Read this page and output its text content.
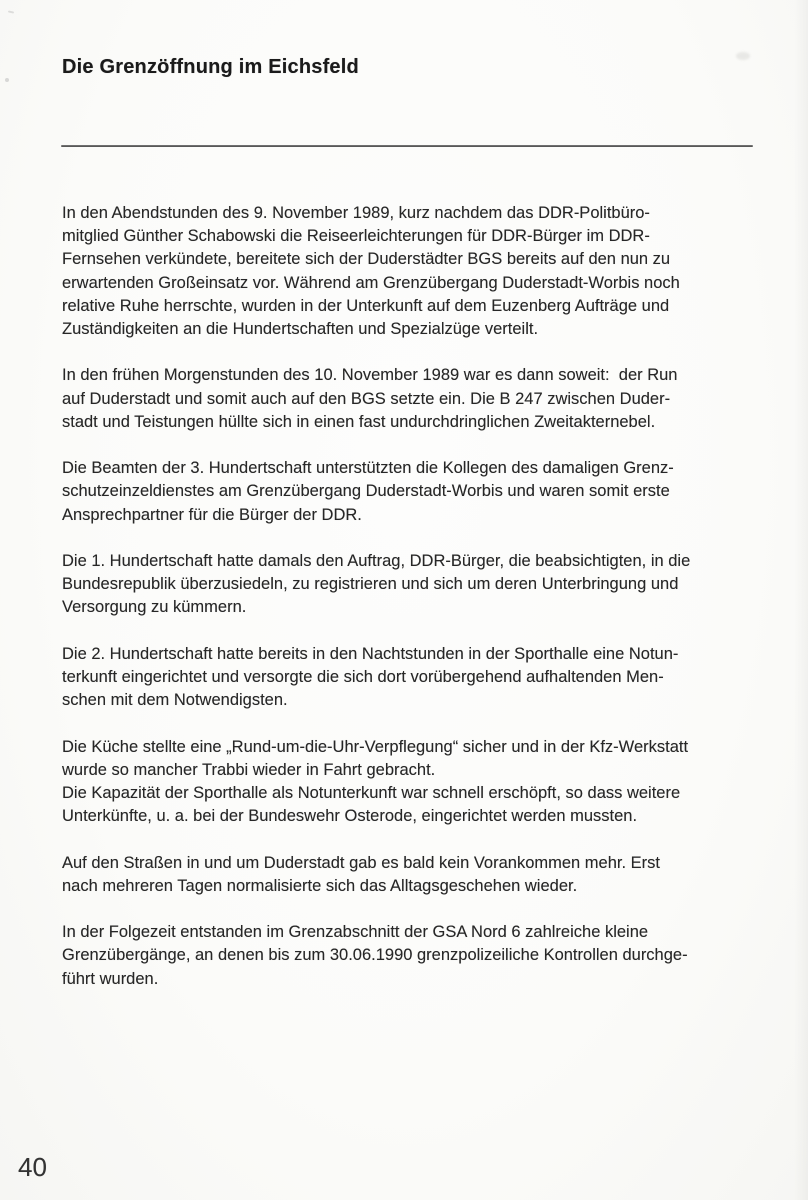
Die Grenzöffnung im Eichsfeld

In den Abendstunden des 9. November 1989, kurz nachdem das DDR-Politbüro-
mitglied Günther Schabowski die Reiseerleichterungen für DDR-Bürger im DDR-
Fernsehen verkündete, bereitete sich der Duderstädter BGS bereits auf den nun zu
erwartenden Großeinsatz vor. Während am Grenzübergang Duderstadt-Worbis noch
relative Ruhe herrschte, wurden in der Unterkunft auf dem Euzenberg Aufträge und
Zuständigkeiten an die Hundertschaften und Spezialzüge verteilt.

In den frühen Morgenstunden des 10. November 1989 war es dann soweit:  der Run
auf Duderstadt und somit auch auf den BGS setzte ein. Die B 247 zwischen Duder-
stadt und Teistungen hüllte sich in einen fast undurchdringlichen Zweitakternebel.

Die Beamten der 3. Hundertschaft unterstützten die Kollegen des damaligen Grenz-
schutzeinzeldienstes am Grenzübergang Duderstadt-Worbis und waren somit erste
Ansprechpartner für die Bürger der DDR.

Die 1. Hundertschaft hatte damals den Auftrag, DDR-Bürger, die beabsichtigten, in die
Bundesrepublik überzusiedeln, zu registrieren und sich um deren Unterbringung und
Versorgung zu kümmern.

Die 2. Hundertschaft hatte bereits in den Nachtstunden in der Sporthalle eine Notun-
terkunft eingerichtet und versorgte die sich dort vorübergehend aufhaltenden Men-
schen mit dem Notwendigsten.

Die Küche stellte eine „Rund-um-die-Uhr-Verpflegung“ sicher und in der Kfz-Werkstatt
wurde so mancher Trabbi wieder in Fahrt gebracht.
Die Kapazität der Sporthalle als Notunterkunft war schnell erschöpft, so dass weitere
Unterkünfte, u. a. bei der Bundeswehr Osterode, eingerichtet werden mussten.

Auf den Straßen in und um Duderstadt gab es bald kein Vorankommen mehr. Erst
nach mehreren Tagen normalisierte sich das Alltagsgeschehen wieder.

In der Folgezeit entstanden im Grenzabschnitt der GSA Nord 6 zahlreiche kleine
Grenzübergänge, an denen bis zum 30.06.1990 grenzpolizeiliche Kontrollen durchge-
führt wurden.

40
